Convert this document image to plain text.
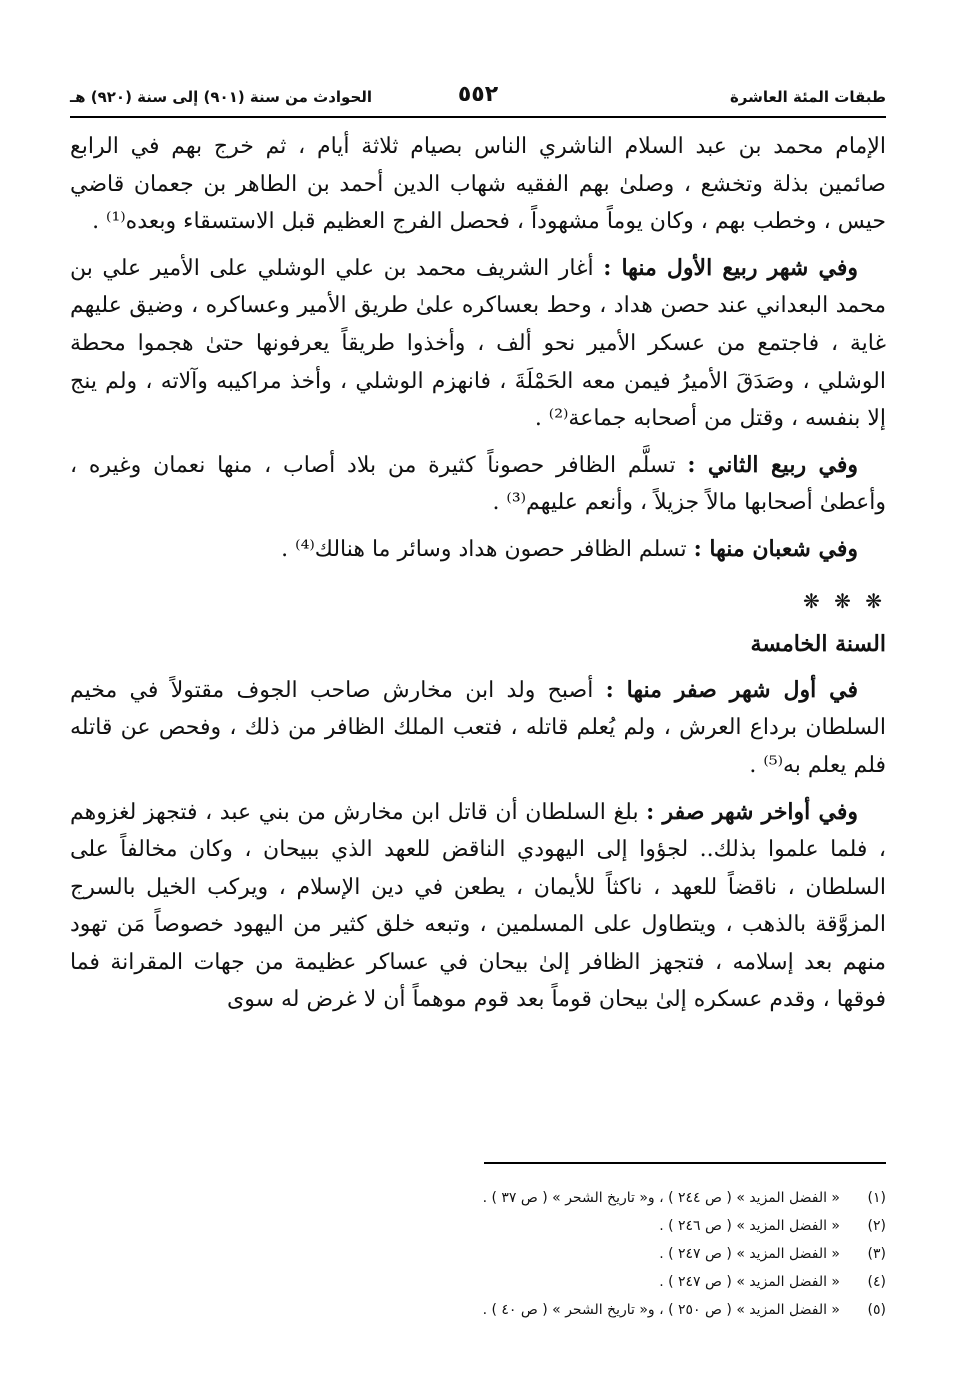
طبقات المئة العاشرة
٥٥٢
الحوادث من سنة (٩٠١) إلى سنة (٩٢٠) هـ

الإمام محمد بن عبد السلام الناشري الناس بصيام ثلاثة أيام ، ثم خرج بهم في الرابع صائمين بذلة وتخشع ، وصلىٰ بهم الفقيه شهاب الدين أحمد بن الطاهر بن جعمان قاضي حيس ، وخطب بهم ، وكان يوماً مشهوداً ، فحصل الفرج العظيم قبل الاستسقاء وبعده⁽¹⁾ .

وفي شهر ربيع الأول منها : أغار الشريف محمد بن علي الوشلي على الأمير علي بن محمد البعداني عند حصن هداد ، وحط بعساكره علىٰ طريق الأمير وعساكره ، وضيق عليهم غاية ، فاجتمع من عسكر الأمير نحو ألف ، وأخذوا طريقاً يعرفونها حتىٰ هجموا محطة الوشلي ، وصَدَقَ الأميرُ فيمن معه الحَمْلَةَ ، فانهزم الوشلي ، وأخذ مراكيبه وآلاته ، ولم ينج إلا بنفسه ، وقتل من أصحابه جماعة⁽²⁾ .

وفي ربيع الثاني : تسلَّم الظافر حصوناً كثيرة من بلاد أصاب ، منها نعمان وغيره ، وأعطىٰ أصحابها مالاً جزيلاً ، وأنعم عليهم⁽³⁾ .

وفي شعبان منها : تسلم الظافر حصون هداد وسائر ما هنالك⁽⁴⁾ .

❋ ❋ ❋
السنة الخامسة

في أول شهر صفر منها : أصبح ولد ابن مخارش صاحب الجوف مقتولاً في مخيم السلطان برداع العرش ، ولم يُعلم قاتله ، فتعب الملك الظافر من ذلك ، وفحص عن قاتله فلم يعلم به⁽⁵⁾ .

وفي أواخر شهر صفر : بلغ السلطان أن قاتل ابن مخارش من بني عبد ، فتجهز لغزوهم ، فلما علموا بذلك.. لجؤوا إلى اليهودي الناقض للعهد الذي ببيحان ، وكان مخالفاً على السلطان ، ناقضاً للعهد ، ناكثاً للأيمان ، يطعن في دين الإسلام ، ويركب الخيل بالسرج المزوَّقة بالذهب ، ويتطاول على المسلمين ، وتبعه خلق كثير من اليهود خصوصاً مَن تهود منهم بعد إسلامه ، فتجهز الظافر إلىٰ بيحان في عساكر عظيمة من جهات المقرانة فما فوقها ، وقدم عسكره إلىٰ بيحان قوماً بعد قوم موهماً أن لا غرض له سوى

(١)
« الفضل المزيد » ( ص ٢٤٤ ) ، و« تاريخ الشحر » ( ص ٣٧ ) .
(٢)
« الفضل المزيد » ( ص ٢٤٦ ) .
(٣)
« الفضل المزيد » ( ص ٢٤٧ ) .
(٤)
« الفضل المزيد » ( ص ٢٤٧ ) .
(٥)
« الفضل المزيد » ( ص ٢٥٠ ) ، و« تاريخ الشحر » ( ص ٤٠ ) .
